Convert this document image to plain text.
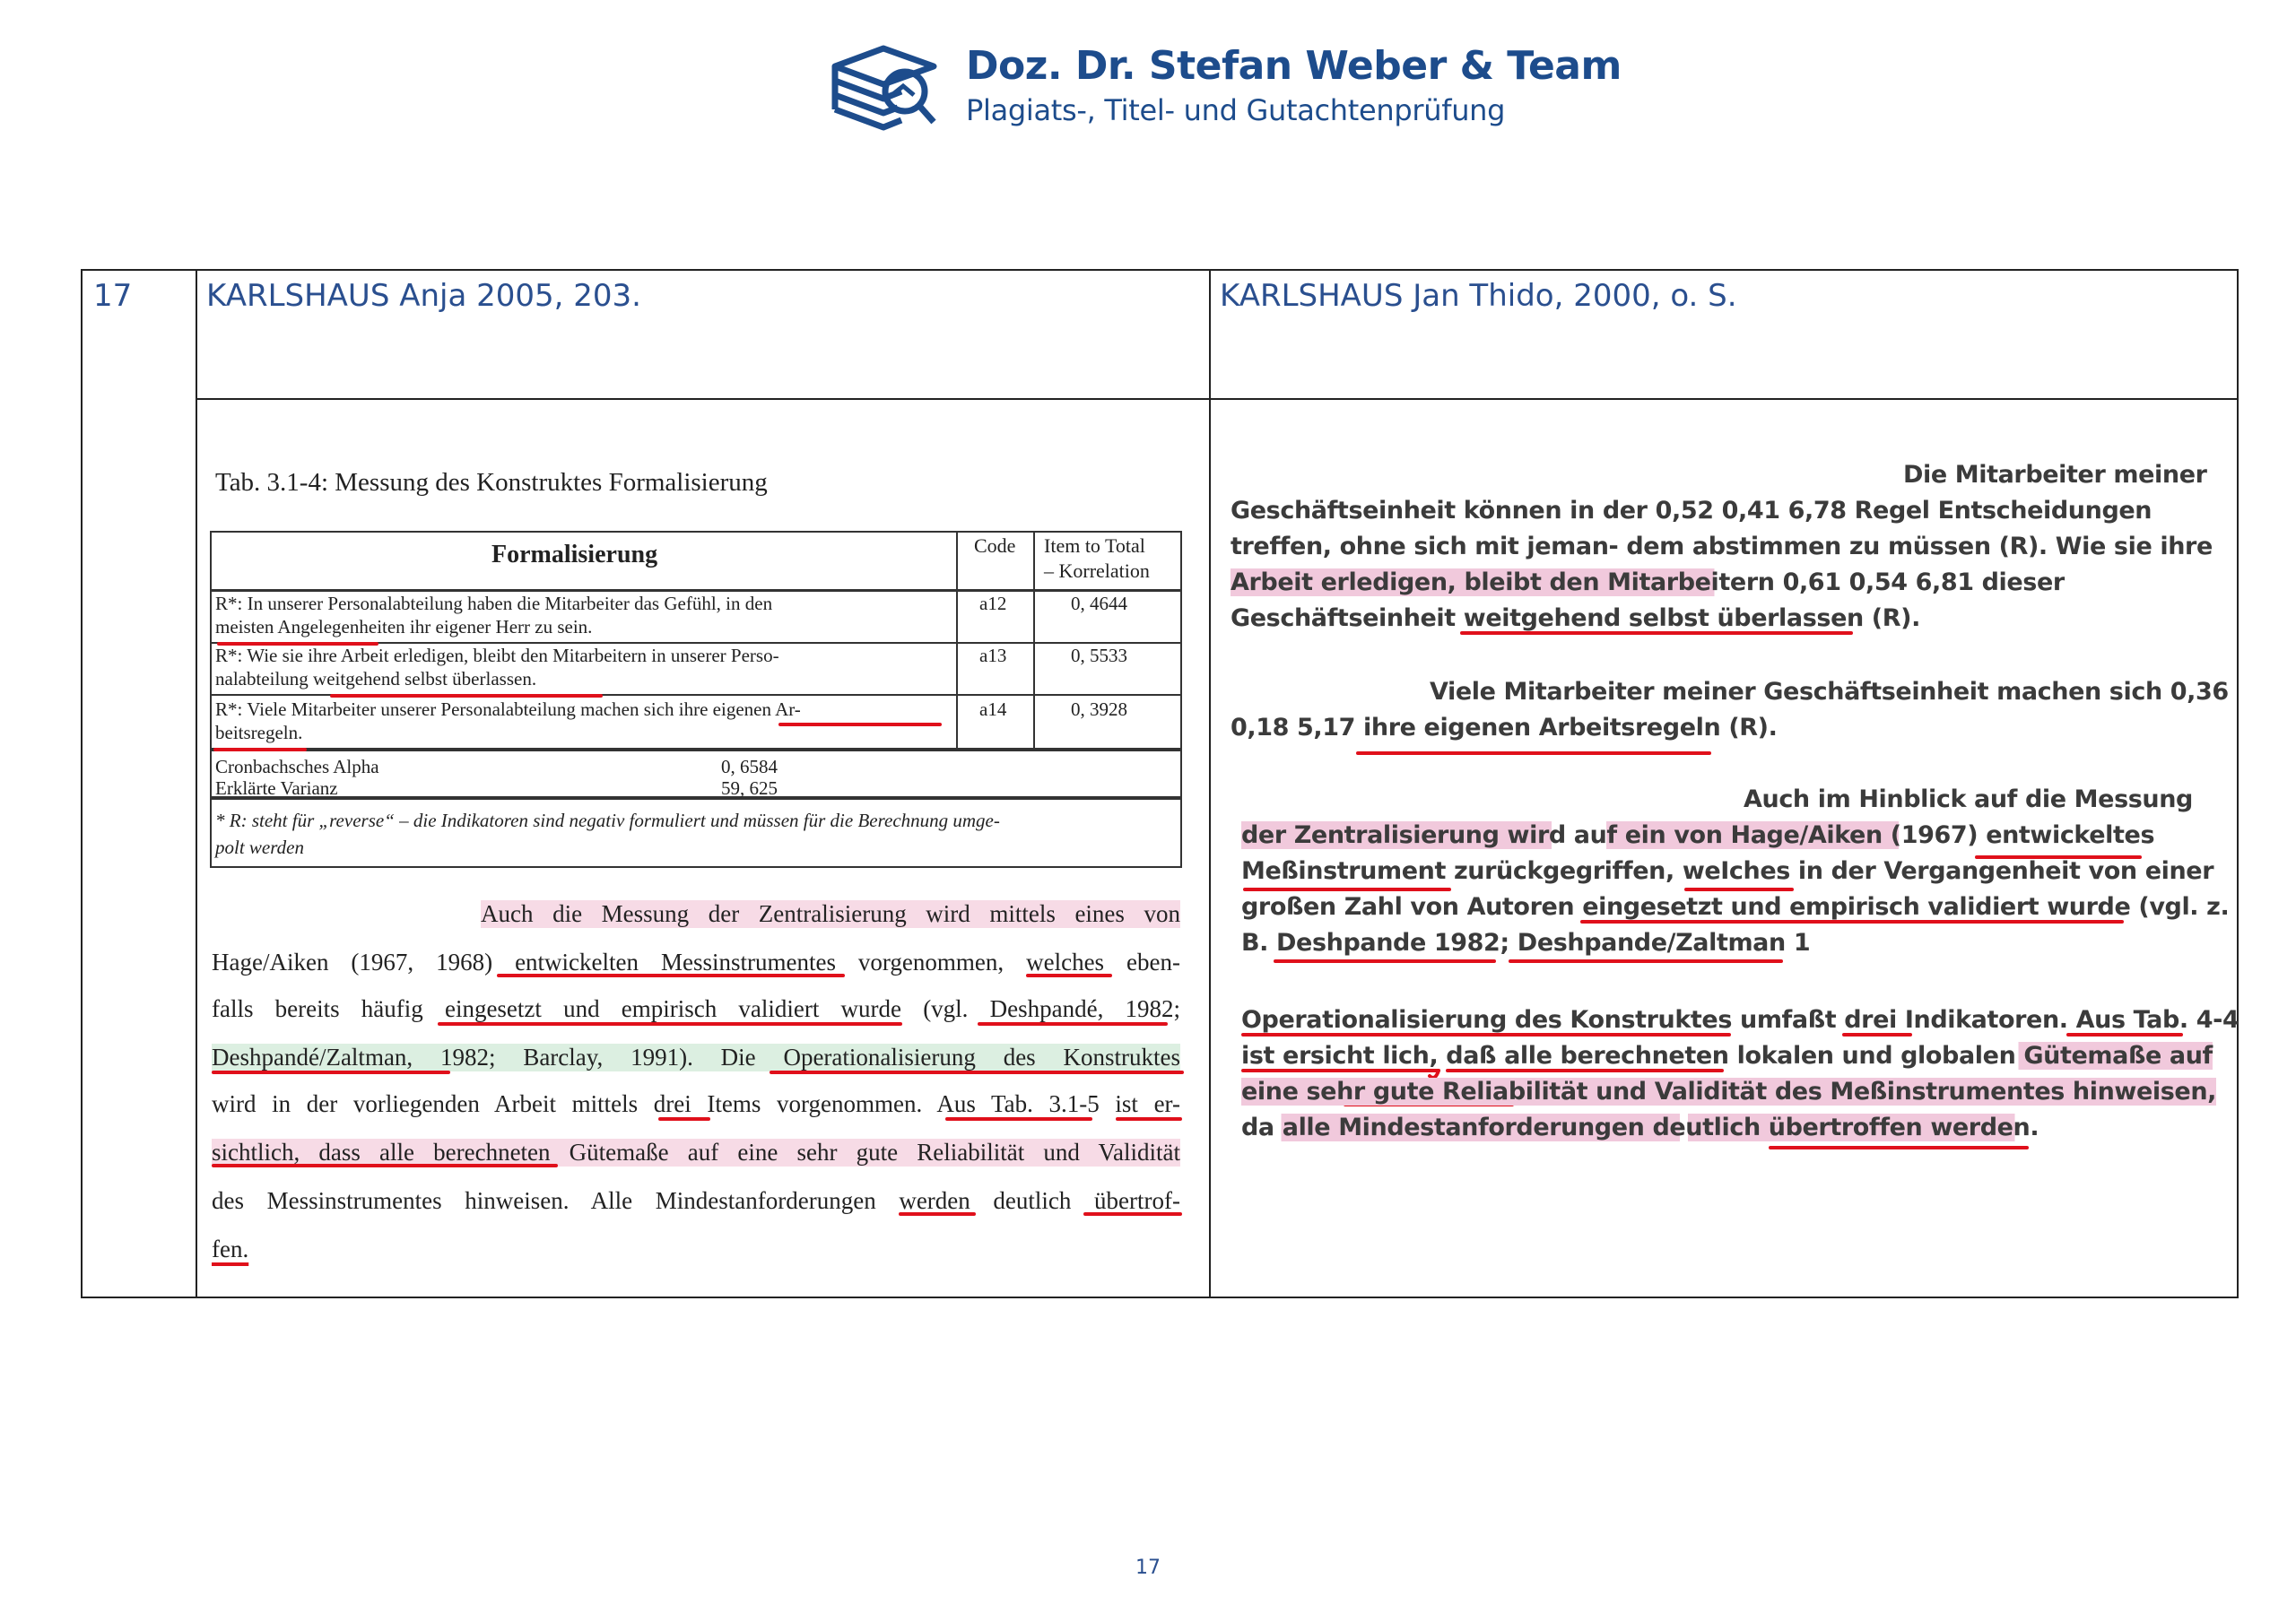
Doz. Dr. Stefan Weber & Team
Plagiats-, Titel- und Gutachtenprüfung
17 KARLSHAUS Anja 2005, 203.	KARLSHAUS Jan Thido, 2000, o. S.
Tab. 3.1-4: Messung des Konstruktes Formalisierung
Formalisierung	Code Item to Total
– Korrelation
R*: In unserer Personalabteilung haben die Mitarbeiter das Gefühl, in den
meisten Angelegenheiten ihr eigener Herr zu sein.
a12	0, 4644
R*: Wie sie ihre Arbeit erledigen, bleibt den Mitarbeitern in unserer Perso-
nalabteilung weitgehend selbst überlassen.
a13	0, 5533
R*: Viele Mitarbeiter unserer Personalabteilung machen sich ihre eigenen Ar-
beitsregeln.
a14	0, 3928
Cronbachsches Alpha	0, 6584
Erklärte Varianz	59, 625
* R: steht für „reverse“ – die Indikatoren sind negativ formuliert und müssen für die Berechnung umge-
polt werden
Auch die Messung der Zentralisierung wird mittels eines von
Hage/Aiken (1967, 1968) entwickelten Messinstrumentes vorgenommen, welches eben-
falls bereits häufig eingesetzt und empirisch validiert wurde (vgl. Deshpandé, 1982;
Deshpandé/Zaltman, 1982; Barclay, 1991). Die Operationalisierung des Konstruktes
wird in der vorliegenden Arbeit mittels drei Items vorgenommen. Aus Tab. 3.1-5 ist er-
sichtlich, dass alle berechneten Gütemaße auf eine sehr gute Reliabilität und Validität
des Messinstrumentes hinweisen. Alle Mindestanforderungen werden deutlich übertrof-
fen.
Die Mitarbeiter meiner
Geschäftseinheit können in der 0,52 0,41 6,78 Regel Entscheidungen
treffen, ohne sich mit jeman- dem abstimmen zu müssen (R). Wie sie ihre
Arbeit erledigen, bleibt den Mitarbeitern 0,61 0,54 6,81 dieser
Geschäftseinheit weitgehend selbst überlassen (R).
Viele Mitarbeiter meiner Geschäftseinheit machen sich 0,36
0,18 5,17 ihre eigenen Arbeitsregeln (R).
Auch im Hinblick auf die Messung
der Zentralisierung wird auf ein von Hage/Aiken (1967) entwickeltes
Meßinstrument zurückgegriffen, weIches in der Vergangenheit von einer
großen Zahl von Autoren eingesetzt und empirisch validiert wurde (vgl. z.
B. Deshpande 1982; Deshpande/Zaltman 1
Operationalisierung des Konstruktes umfaßt drei Indikatoren. Aus Tab. 4-4
ist ersicht lich, daß alle berechneten lokalen und globalen Gütemaße auf
eine sehr gute Reliabilität und Validität des Meßinstrumentes hinweisen,
da alle Mindestanforderungen deutlich übertroffen werden.
17
